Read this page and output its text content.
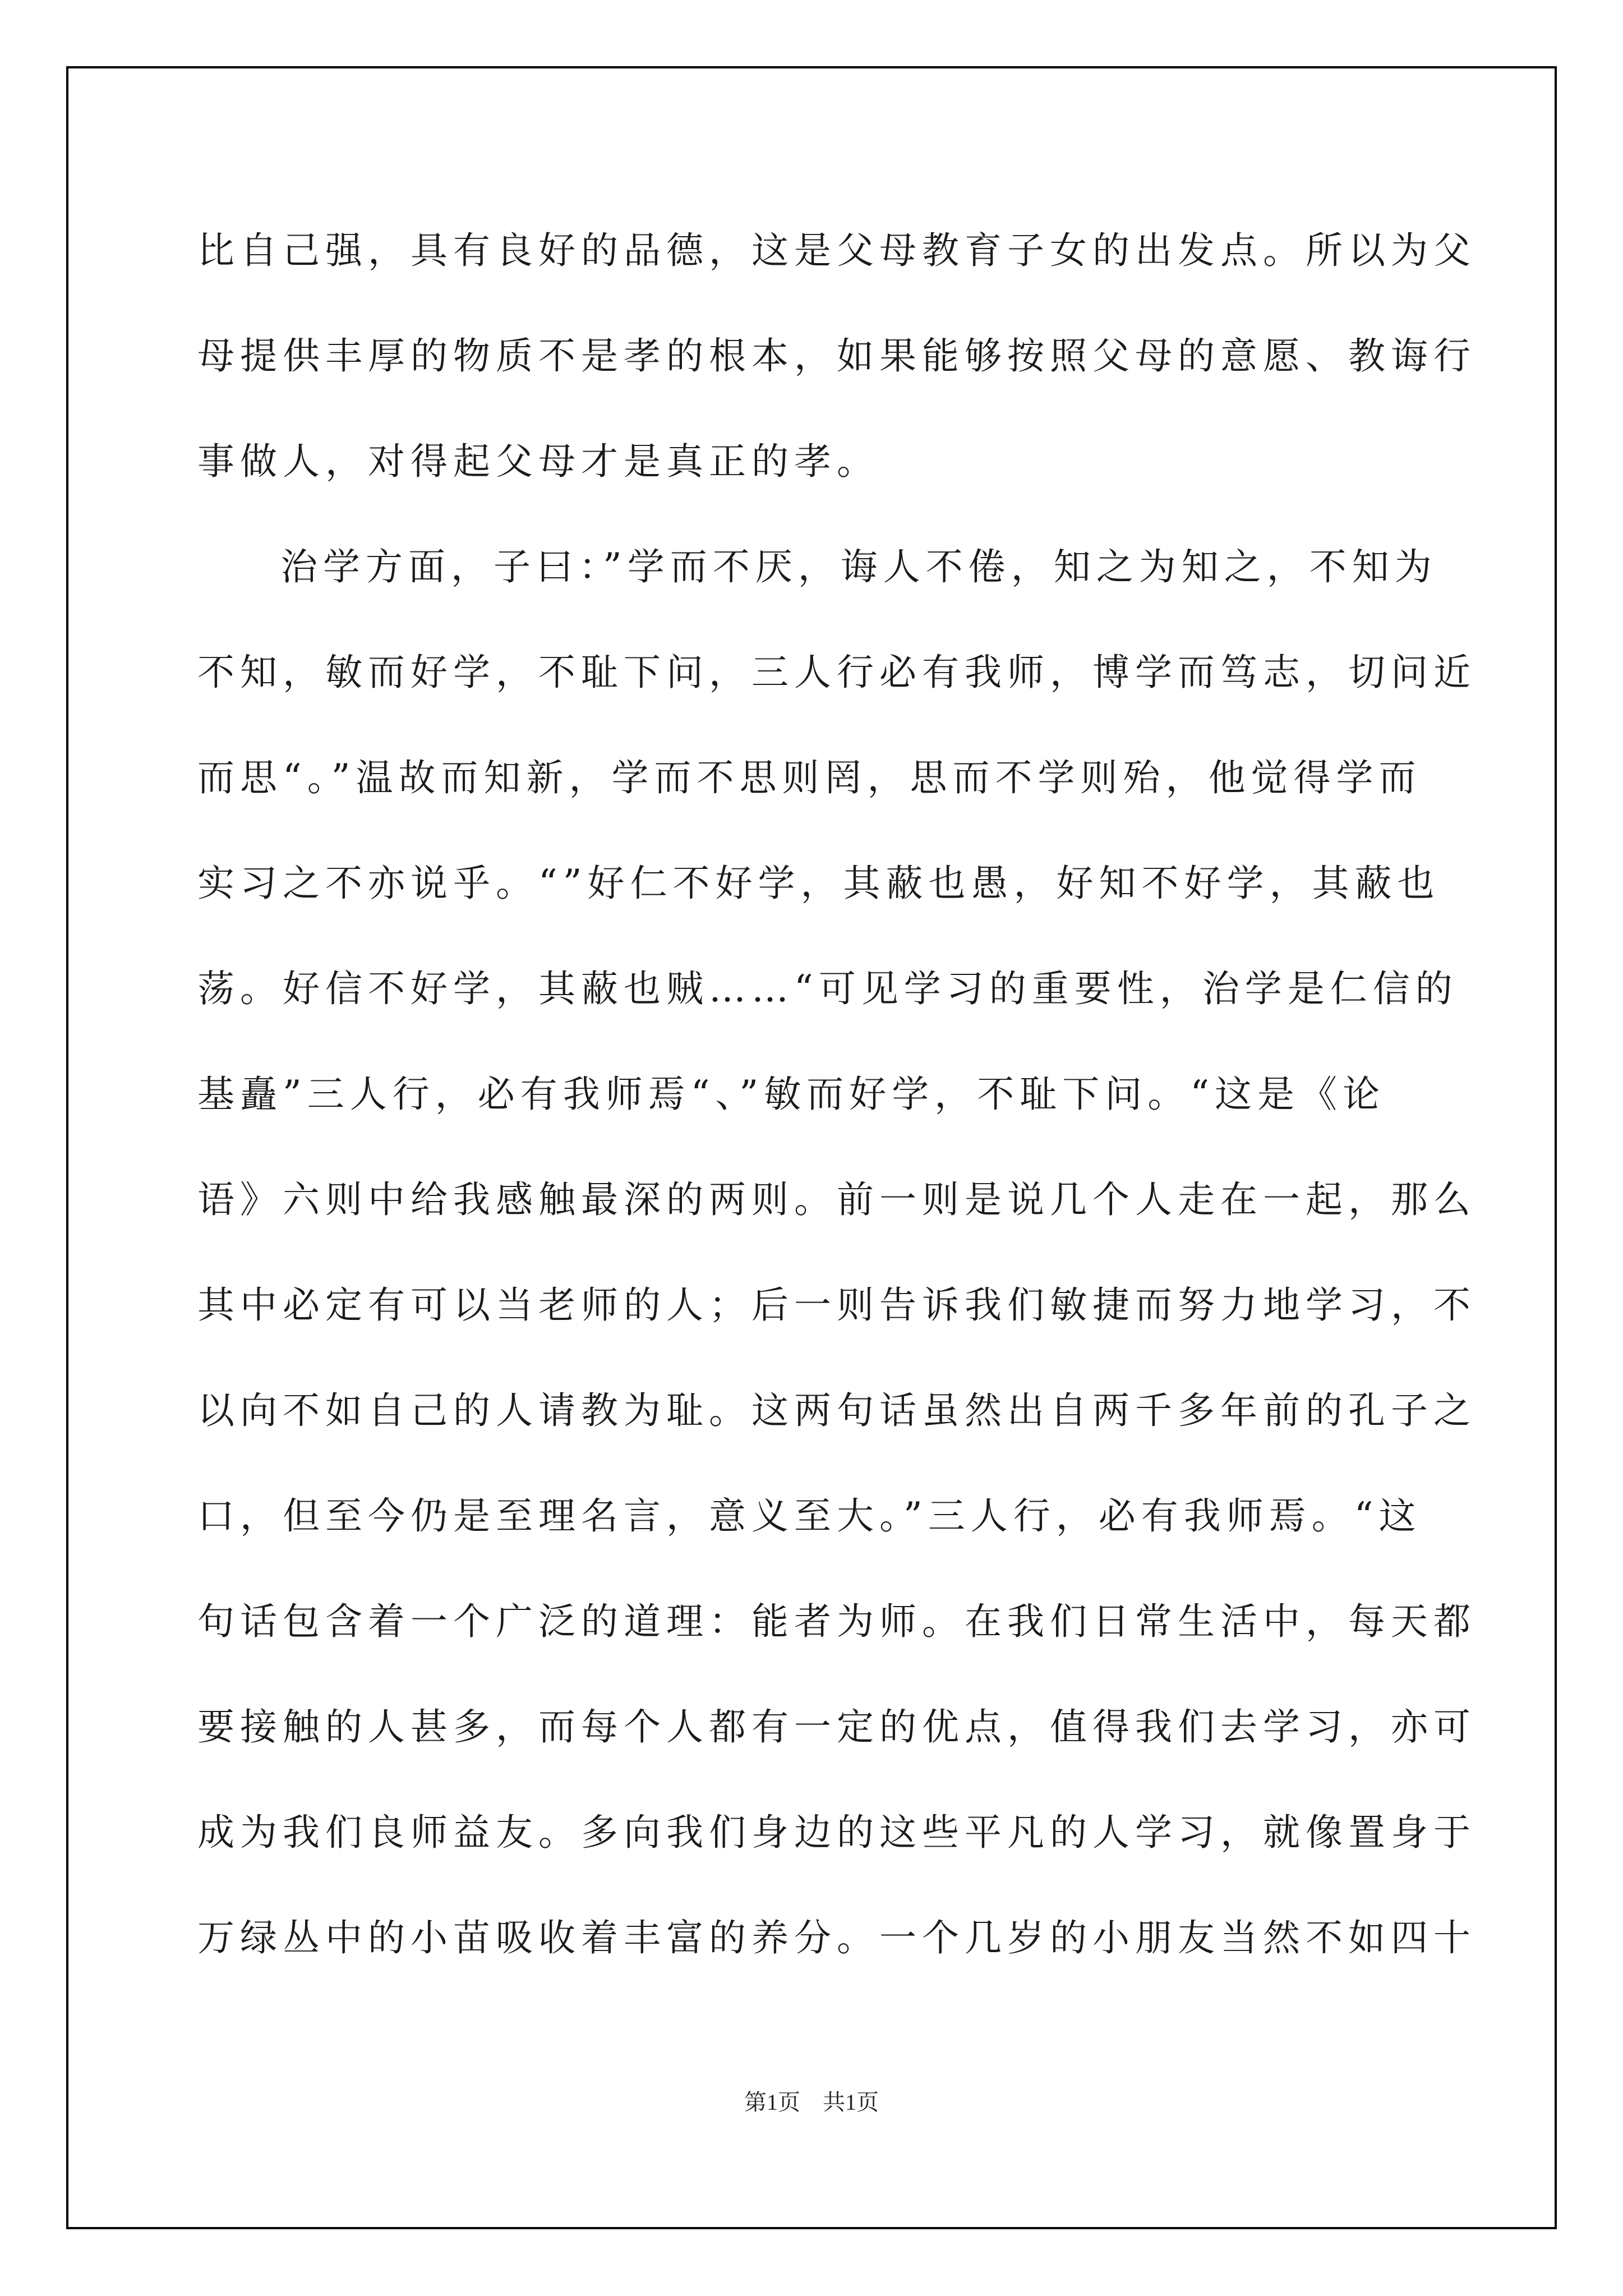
比自己强，具有良好的品德，这是父母教育子女的出发点。所以为父

母提供丰厚的物质不是孝的根本，如果能够按照父母的意愿、教诲行

事做人，对得起父母才是真正的孝。

治学方面，子曰：”学而不厌，诲人不倦，知之为知之，不知为

不知，敏而好学，不耻下问，三人行必有我师，博学而笃志，切问近

而思“。”温故而知新，学而不思则罔，思而不学则殆，他觉得学而

实习之不亦说乎。“”好仁不好学，其蔽也愚，好知不好学，其蔽也

荡。好信不好学，其蔽也贼……“可见学习的重要性，治学是仁信的

基矗”三人行，必有我师焉“、”敏而好学，不耻下问。“这是《论

语》六则中给我感触最深的两则。前一则是说几个人走在一起，那么

其中必定有可以当老师的人；后一则告诉我们敏捷而努力地学习，不

以向不如自己的人请教为耻。这两句话虽然出自两千多年前的孔子之

口，但至今仍是至理名言，意义至大。”三人行，必有我师焉。“这

句话包含着一个广泛的道理：能者为师。在我们日常生活中，每天都

要接触的人甚多，而每个人都有一定的优点，值得我们去学习，亦可

成为我们良师益友。多向我们身边的这些平凡的人学习，就像置身于

万绿丛中的小苗吸收着丰富的养分。一个几岁的小朋友当然不如四十

第1页　共1页
